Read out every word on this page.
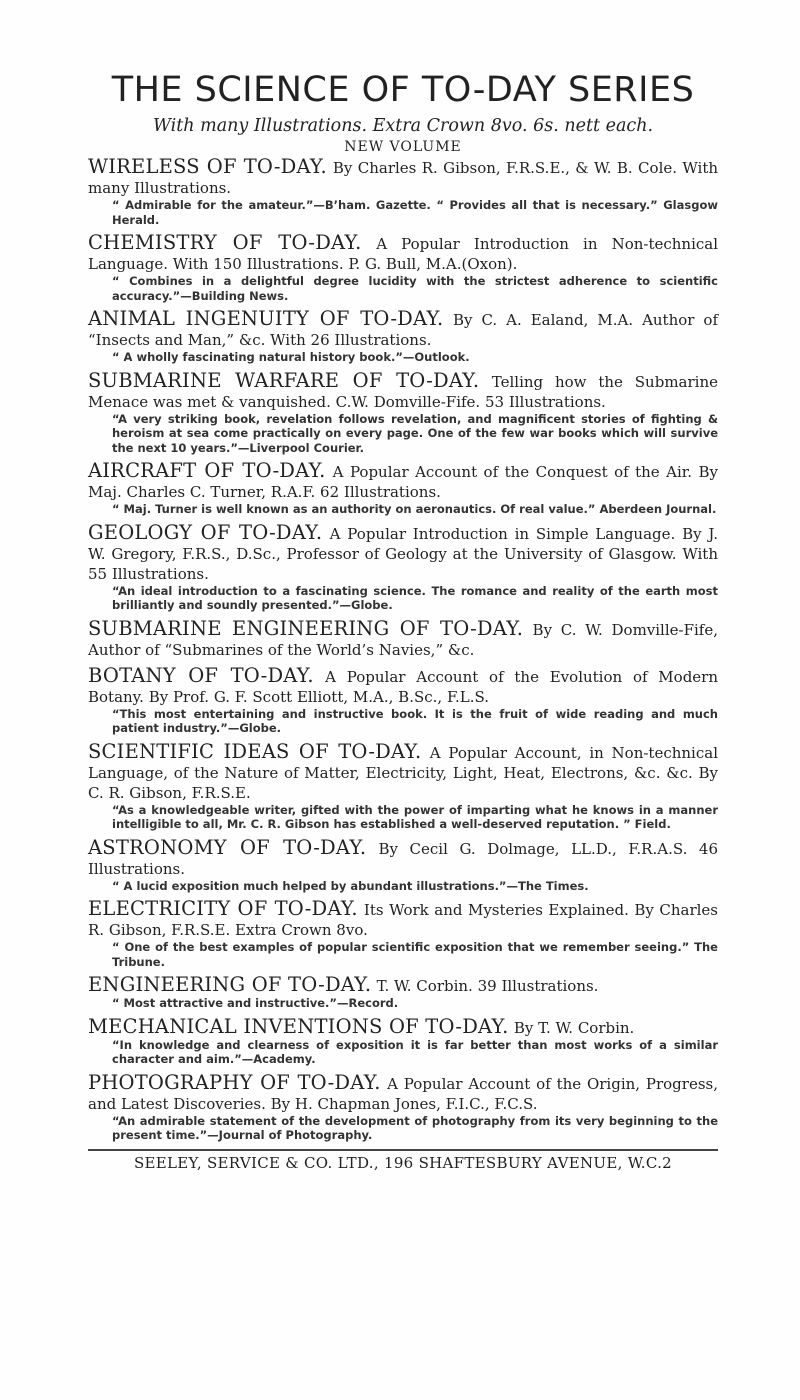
THE SCIENCE OF TO-DAY SERIES
With many Illustrations. Extra Crown 8vo. 6s. nett each.
NEW VOLUME
WIRELESS OF TO-DAY. By Charles R. Gibson, F.R.S.E., & W. B. Cole. With many Illustrations.
“ Admirable for the amateur.”—B’ham. Gazette. “ Provides all that is necessary.” Glasgow Herald.
CHEMISTRY OF TO-DAY. A Popular Introduction in Non-technical Language. With 150 Illustrations. P. G. Bull, M.A.(Oxon).
“ Combines in a delightful degree lucidity with the strictest adherence to scientific accuracy.”—Building News.
ANIMAL INGENUITY OF TO-DAY. By C. A. Ealand, M.A. Author of “Insects and Man,” &c. With 26 Illustrations.
“ A wholly fascinating natural history book.”—Outlook.
SUBMARINE WARFARE OF TO-DAY. Telling how the Submarine Menace was met & vanquished. C.W. Domville-Fife. 53 Illustrations.
“A very striking book, revelation follows revelation, and magnificent stories of fighting & heroism at sea come practically on every page. One of the few war books which will survive the next 10 years.”—Liverpool Courier.
AIRCRAFT OF TO-DAY. A Popular Account of the Conquest of the Air. By Maj. Charles C. Turner, R.A.F. 62 Illustrations.
“ Maj. Turner is well known as an authority on aeronautics. Of real value.” Aberdeen Journal.
GEOLOGY OF TO-DAY. A Popular Introduction in Simple Language. By J. W. Gregory, F.R.S., D.Sc., Professor of Geology at the University of Glasgow. With 55 Illustrations.
“An ideal introduction to a fascinating science. The romance and reality of the earth most brilliantly and soundly presented.”—Globe.
SUBMARINE ENGINEERING OF TO-DAY. By C. W. Domville-Fife, Author of “Submarines of the World’s Navies,” &c.
BOTANY OF TO-DAY. A Popular Account of the Evolution of Modern Botany. By Prof. G. F. Scott Elliott, M.A., B.Sc., F.L.S.
“This most entertaining and instructive book. It is the fruit of wide reading and much patient industry.”—Globe.
SCIENTIFIC IDEAS OF TO-DAY. A Popular Account, in Non-technical Language, of the Nature of Matter, Electricity, Light, Heat, Electrons, &c. &c. By C. R. Gibson, F.R.S.E.
“As a knowledgeable writer, gifted with the power of imparting what he knows in a manner intelligible to all, Mr. C. R. Gibson has established a well-deserved reputation. ” Field.
ASTRONOMY OF TO-DAY. By Cecil G. Dolmage, LL.D., F.R.A.S. 46 Illustrations.
“ A lucid exposition much helped by abundant illustrations.”—The Times.
ELECTRICITY OF TO-DAY. Its Work and Mysteries Explained. By Charles R. Gibson, F.R.S.E. Extra Crown 8vo.
“ One of the best examples of popular scientific exposition that we remember seeing.” The Tribune.
ENGINEERING OF TO-DAY. T. W. Corbin. 39 Illustrations.
“ Most attractive and instructive.”—Record.
MECHANICAL INVENTIONS OF TO-DAY. By T. W. Corbin.
“In knowledge and clearness of exposition it is far better than most works of a similar character and aim.”—Academy.
PHOTOGRAPHY OF TO-DAY. A Popular Account of the Origin, Progress, and Latest Discoveries. By H. Chapman Jones, F.I.C., F.C.S.
“An admirable statement of the development of photography from its very beginning to the present time.”—Journal of Photography.
SEELEY, SERVICE & CO. LTD., 196 SHAFTESBURY AVENUE, W.C.2
